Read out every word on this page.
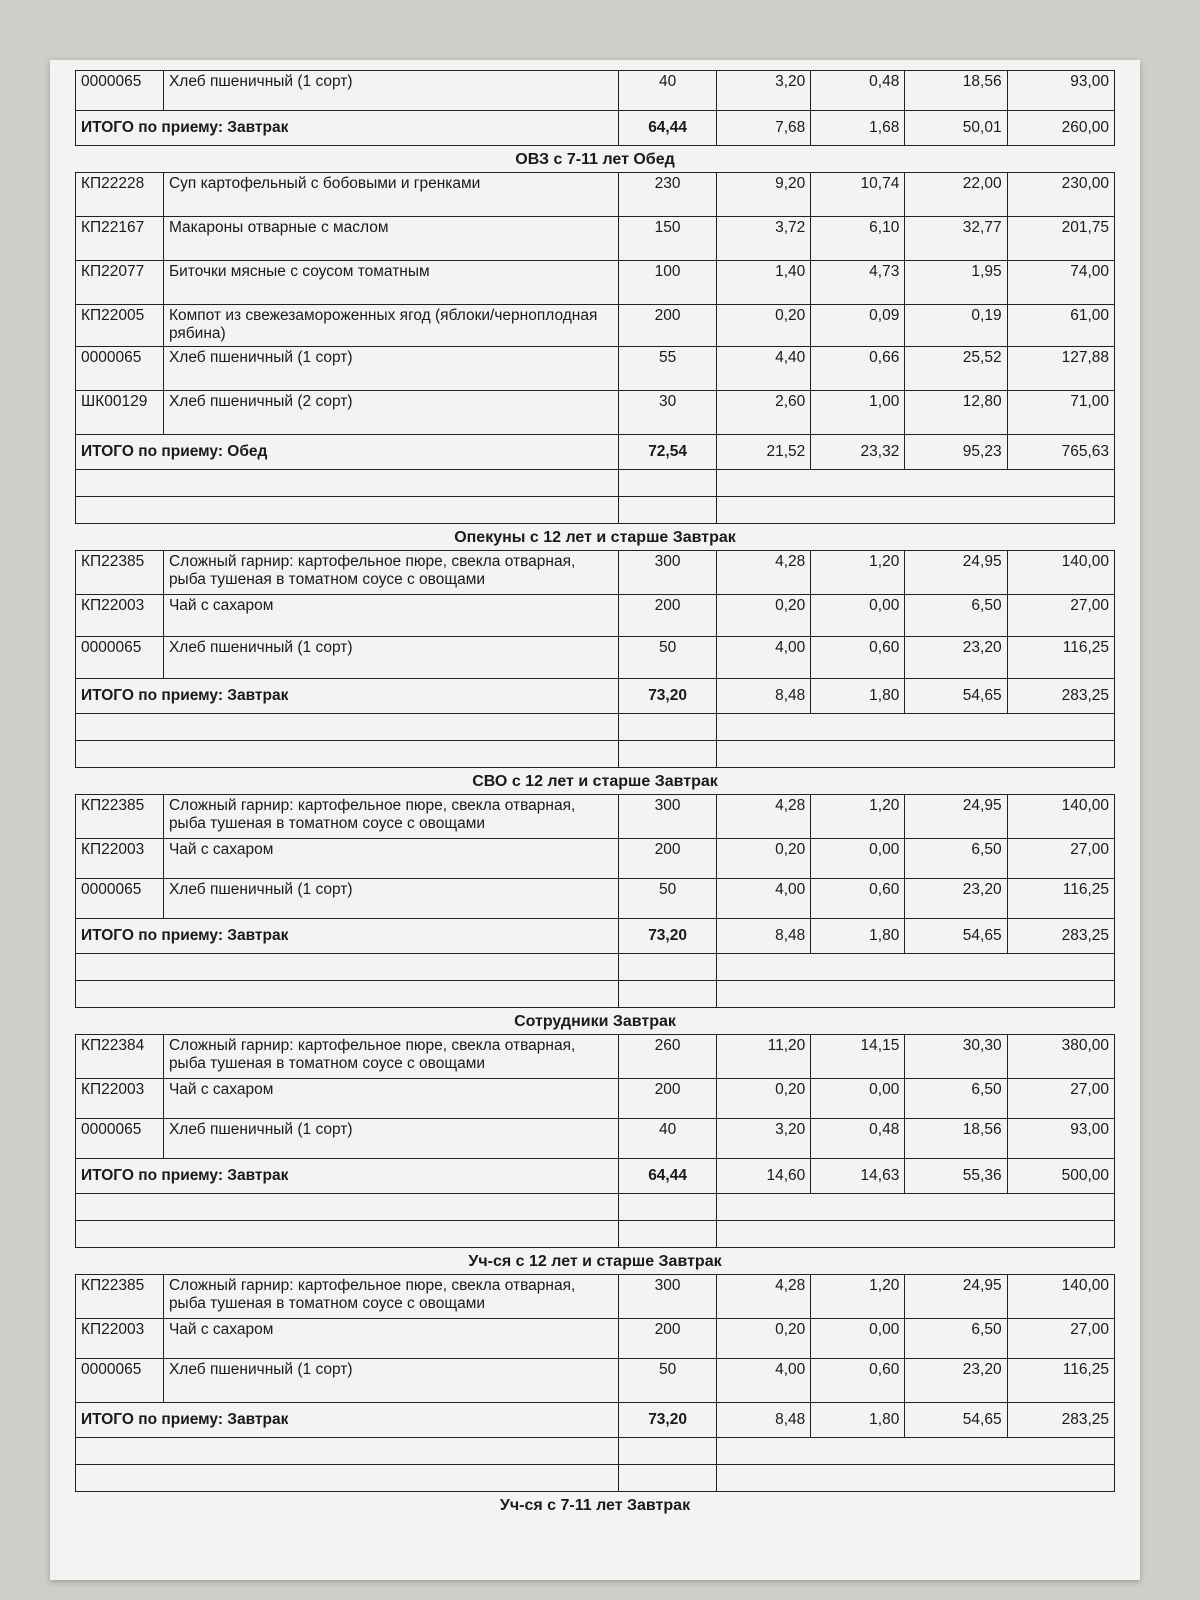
0000065	Хлеб пшеничный (1 сорт)	40	3,20	0,48	18,56	93,00
ИТОГО по приему: Завтрак		64,44	7,68	1,68	50,01	260,00
ОВЗ с 7-11 лет Обед
КП22228	Суп картофельный с бобовыми и гренками	230	9,20	10,74	22,00	230,00
КП22167	Макароны отварные с маслом	150	3,72	6,10	32,77	201,75
КП22077	Биточки мясные с соусом томатным	100	1,40	4,73	1,95	74,00
КП22005	Компот из свежезамороженных ягод (яблоки/черноплодная рябина)	200	0,20	0,09	0,19	61,00
0000065	Хлеб пшеничный (1 сорт)	55	4,40	0,66	25,52	127,88
ШК00129	Хлеб пшеничный (2 сорт)	30	2,60	1,00	12,80	71,00
ИТОГО по приему: Обед		72,54	21,52	23,32	95,23	765,63

Опекуны с 12 лет и старше Завтрак
КП22385	Сложный гарнир: картофельное пюре, свекла отварная, рыба тушеная в томатном соусе с овощами	300	4,28	1,20	24,95	140,00
КП22003	Чай с сахаром	200	0,20	0,00	6,50	27,00
0000065	Хлеб пшеничный (1 сорт)	50	4,00	0,60	23,20	116,25
ИТОГО по приему: Завтрак		73,20	8,48	1,80	54,65	283,25

СВО с 12 лет и старше Завтрак
КП22385	Сложный гарнир: картофельное пюре, свекла отварная, рыба тушеная в томатном соусе с овощами	300	4,28	1,20	24,95	140,00
КП22003	Чай с сахаром	200	0,20	0,00	6,50	27,00
0000065	Хлеб пшеничный (1 сорт)	50	4,00	0,60	23,20	116,25
ИТОГО по приему: Завтрак		73,20	8,48	1,80	54,65	283,25

Сотрудники Завтрак
КП22384	Сложный гарнир: картофельное пюре, свекла отварная, рыба тушеная в томатном соусе с овощами	260	11,20	14,15	30,30	380,00
КП22003	Чай с сахаром	200	0,20	0,00	6,50	27,00
0000065	Хлеб пшеничный (1 сорт)	40	3,20	0,48	18,56	93,00
ИТОГО по приему: Завтрак		64,44	14,60	14,63	55,36	500,00

Уч-ся с 12 лет и старше Завтрак
КП22385	Сложный гарнир: картофельное пюре, свекла отварная, рыба тушеная в томатном соусе с овощами	300	4,28	1,20	24,95	140,00
КП22003	Чай с сахаром	200	0,20	0,00	6,50	27,00
0000065	Хлеб пшеничный (1 сорт)	50	4,00	0,60	23,20	116,25
ИТОГО по приему: Завтрак		73,20	8,48	1,80	54,65	283,25

Уч-ся с 7-11 лет Завтрак
